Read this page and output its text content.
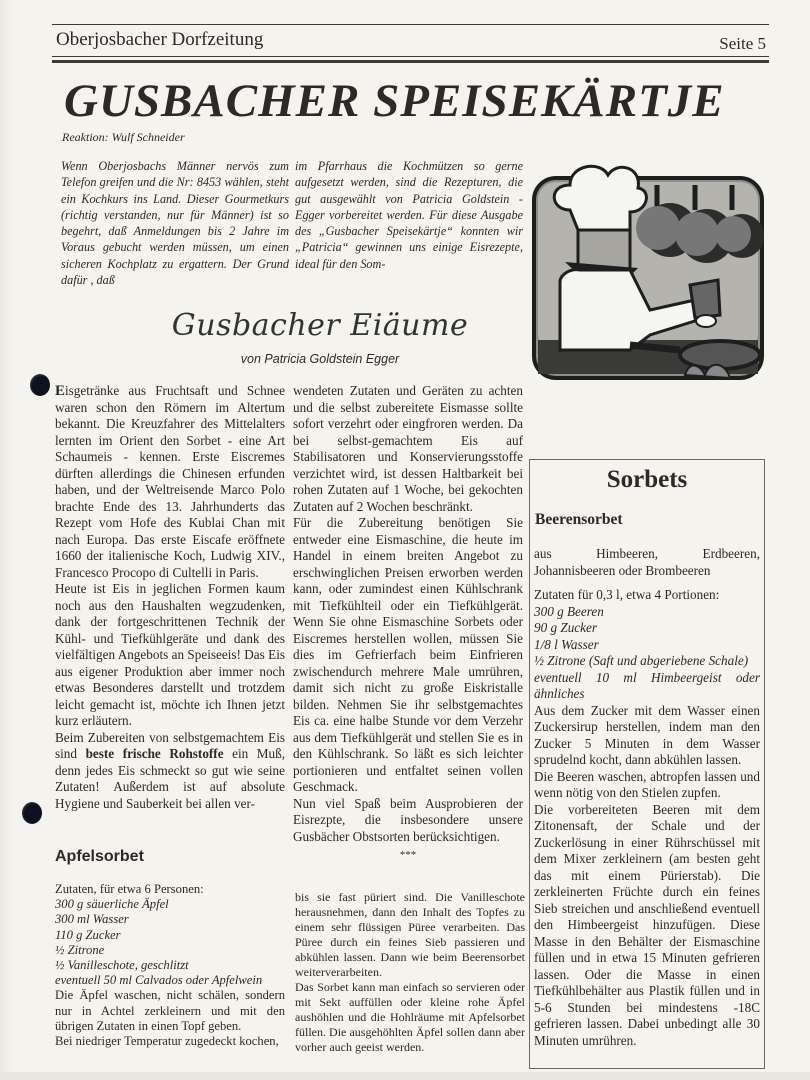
Oberjosbacher Dorfzeitung	Seite 5
GUSBACHER SPEISEKÄRTJE
Reaktion: Wulf Schneider
Wenn Oberjosbachs Männer nervös zum Telefon greifen und die Nr: 8453 wählen, steht ein Kochkurs ins Land. Dieser Gourmetkurs (richtig verstanden, nur für Männer) ist so begehrt, daß Anmeldungen bis 2 Jahre im Voraus gebucht werden müssen, um einen sicheren Kochplatz zu ergattern. Der Grund dafür , daß
im Pfarrhaus die Kochmützen so gerne aufgesetzt werden, sind die Rezepturen, die gut ausgewählt von Patricia Goldstein - Egger vorbereitet werden. Für diese Ausgabe des „Gusbacher Speisekärtje“ konnten wir „Patricia“ gewinnen uns einige Eisrezepte, ideal für den Som-
Gusbacher Eiäume
von Patricia Goldstein Egger

Eisgetränke aus Fruchtsaft und Schnee waren schon den Römern im Altertum bekannt. Die Kreuzfahrer des Mittelalters lernten im Orient den Sorbet - eine Art Schaumeis - kennen. Erste Eiscremes dürften allerdings die Chinesen erfunden haben, und der Weltreisende Marco Polo brachte Ende des 13. Jahrhunderts das Rezept vom Hofe des Kublai Chan mit nach Europa. Das erste Eiscafe eröffnete 1660 der italienische Koch, Ludwig XIV., Francesco Procopo di Cultelli in Paris.

Heute ist Eis in jeglichen Formen kaum noch aus den Haushalten wegzudenken, dank der fortgeschrittenen Technik der Kühl- und Tiefkühlgeräte und dank des vielfältigen Angebots an Speiseeis! Das Eis aus eigener Produktion aber immer noch etwas Besonderes darstellt und trotzdem leicht gemacht ist, möchte ich Ihnen jetzt kurz erläutern.

Beim Zubereiten von selbstgemachtem Eis sind beste frische Rohstoffe ein Muß, denn jedes Eis schmeckt so gut wie seine Zutaten! Außerdem ist auf absolute Hygiene und Sauberkeit bei allen ver-

wendeten Zutaten und Geräten zu achten und die selbst zubereitete Eismasse sollte sofort verzehrt oder eingfroren werden. Da bei selbst-gemachtem Eis auf Stabilisatoren und Konservierungsstoffe verzichtet wird, ist dessen Haltbarkeit bei rohen Zutaten auf 1 Woche, bei gekochten Zutaten auf 2 Wochen beschränkt.

Für die Zubereitung benötigen Sie entweder eine Eismaschine, die heute im Handel in einem breiten Angebot zu erschwinglichen Preisen erworben werden kann, oder zumindest einen Kühlschrank mit Tiefkühlteil oder ein Tiefkühlgerät. Wenn Sie ohne Eismaschine Sorbets oder Eiscremes herstellen wollen, müssen Sie dies im Gefrierfach beim Einfrieren zwischendurch mehrere Male umrühren, damit sich nicht zu große Eiskristalle bilden. Nehmen Sie ihr selbstgemachtes Eis ca. eine halbe Stunde vor dem Verzehr aus dem Tiefkühlgerät und stellen Sie es in den Kühlschrank. So läßt es sich leichter portionieren und entfaltet seinen vollen Geschmack.

Nun viel Spaß beim Ausprobieren der Eisrezpte, die insbesondere unsere Gusbächer Obstsorten berücksichtigen.

***
Apfelsorbet
Zutaten, für etwa 6 Personen:
300 g säuerliche Äpfel
300 ml Wasser
110 g Zucker
½ Zitrone
½ Vanilleschote, geschlitzt
eventuell 50 ml Calvados oder Apfelwein
Die Äpfel waschen, nicht schälen, sondern nur in Achtel zerkleinern und mit den übrigen Zutaten in einen Topf geben.
Bei niedriger Temperatur zugedeckt kochen,
bis sie fast püriert sind. Die Vanilleschote herausnehmen, dann den Inhalt des Topfes zu einem sehr flüssigen Püree verarbeiten. Das Püree durch ein feines Sieb passieren und abkühlen lassen. Dann wie beim Beerensorbet weiterverarbeiten.
Das Sorbet kann man einfach so servieren oder mit Sekt auffüllen oder kleine rohe Äpfel aushöhlen und die Hohlräume mit Apfelsorbet füllen. Die ausgehöhlten Äpfel sollen dann aber vorher auch geeist werden.
Sorbets
Beerensorbet

aus Himbeeren, Erdbeeren, Johannisbeeren oder Brombeeren

Zutaten für 0,3 l, etwa 4 Portionen:

300 g Beeren

90 g Zucker

1/8 l Wasser

½ Zitrone (Saft und abgeriebene Schale)

eventuell 10 ml Himbeergeist oder ähnliches

Aus dem Zucker mit dem Wasser einen Zuckersirup herstellen, indem man den Zucker 5 Minuten in dem Wasser sprudelnd kocht, dann abkühlen lassen.

Die Beeren waschen, abtropfen lassen und wenn nötig von den Stielen zupfen.

Die vorbereiteten Beeren mit dem Zitonensaft, der Schale und der Zuckerlösung in einer Rührschüssel mit dem Mixer zerkleinern (am besten geht das mit einem Pürierstab). Die zerkleinerten Früchte durch ein feines Sieb streichen und anschließend eventuell den Himbeergeist hinzufügen. Diese Masse in den Behälter der Eismaschine füllen und in etwa 15 Minuten gefrieren lassen. Oder die Masse in einen Tiefkühlbehälter aus Plastik füllen und in 5-6 Stunden bei mindestens -18C gefrieren lassen. Dabei unbedingt alle 30 Minuten umrühren.
